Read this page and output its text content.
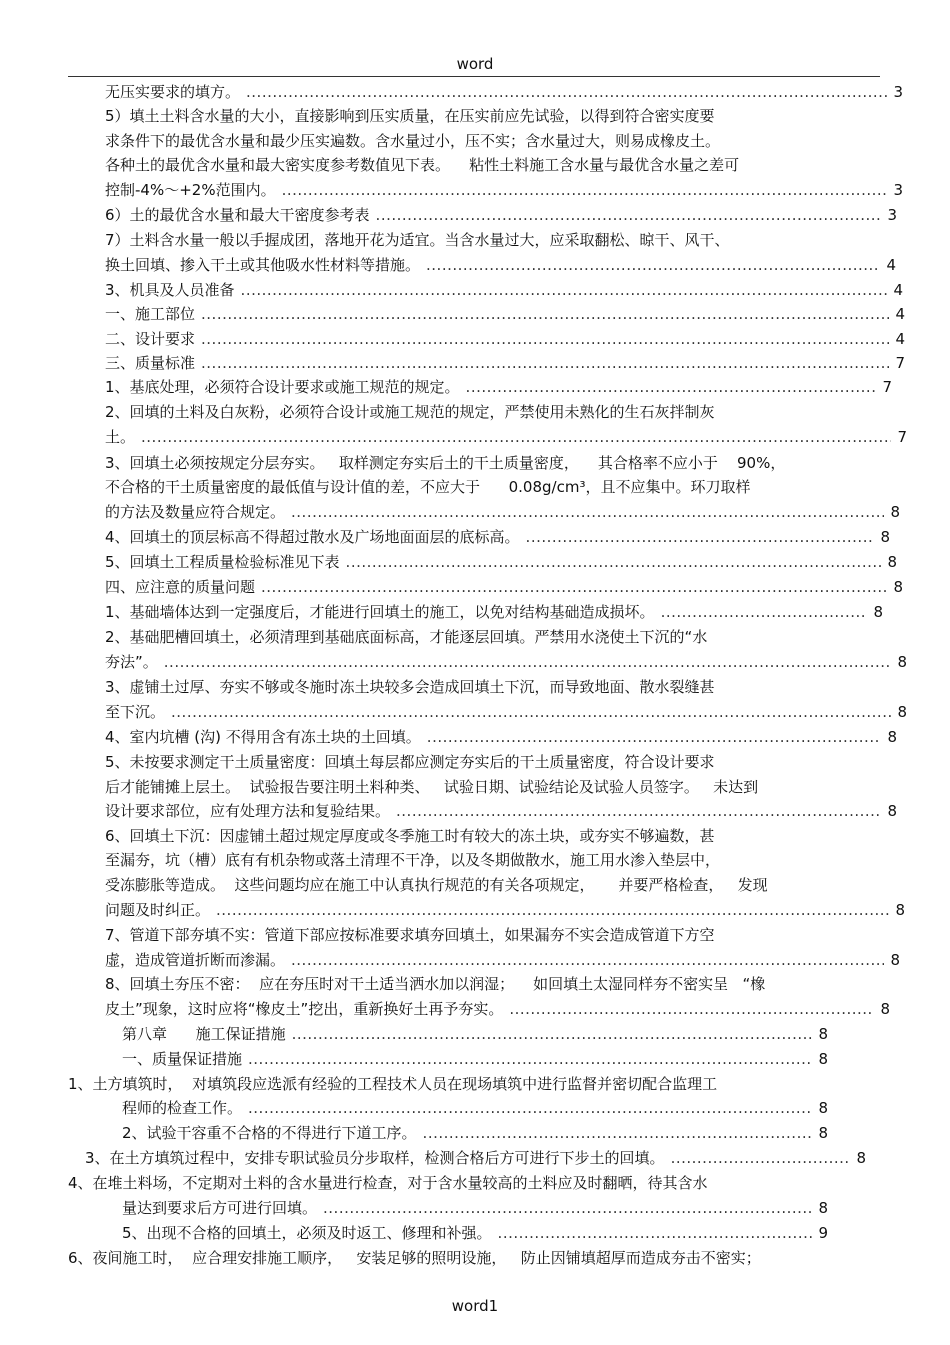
word
无压实要求的填方。 .....	3
5）填土土料含水量的大小，直接影响到压实质量，在压实前应先试验，以得到符合密实度要
求条件下的最优含水量和最少压实遍数。含水量过小，压不实；含水量过大，则易成橡皮土。
各种土的最优含水量和最大密实度参考数值见下表。    粘性土料施工含水量与最优含水量之差可
控制-4%～+2%范围内。 .....	3
6）土的最优含水量和最大干密度参考表 .....	3
7）土料含水量一般以手握成团，落地开花为适宜。当含水量过大，应采取翻松、晾干、风干、
换土回填、掺入干土或其他吸水性材料等措施。 .....	4
3、机具及人员准备 .....	4
一、施工部位 .....	4
二、设计要求 .....	4
三、质量标准 .....	7
1、基底处理，必须符合设计要求或施工规范的规定。 .....	7
2、回填的土料及白灰粉，必须符合设计或施工规范的规定，严禁使用未熟化的生石灰拌制灰
土。 .....	7
3、回填土必须按规定分层夯实。   取样测定夯实后土的干土质量密度，    其合格率不应小于    90%，
不合格的干土质量密度的最低值与设计值的差，不应大于      0.08g/cm³，且不应集中。环刀取样
的方法及数量应符合规定。 .....	8
4、回填土的顶层标高不得超过散水及广场地面面层的底标高。 .....	8
5、回填土工程质量检验标准见下表 .....	8
四、应注意的质量问题 .....	8
1、基础墙体达到一定强度后，才能进行回填土的施工，以免对结构基础造成损坏。 .....	8
2、基础肥槽回填土，必须清理到基础底面标高，才能逐层回填。严禁用水浇使土下沉的“水
夯法”。 .....	8
3、虚铺土过厚、夯实不够或冬施时冻土块较多会造成回填土下沉，而导致地面、散水裂缝甚
至下沉。 .....	8
4、室内坑槽 (沟) 不得用含有冻土块的土回填。 .....	8
5、未按要求测定干土质量密度：回填土每层都应测定夯实后的干土质量密度，符合设计要求
后才能铺摊上层土。  试验报告要注明土料种类、   试验日期、试验结论及试验人员签字。   未达到
设计要求部位，应有处理方法和复验结果。 .....	8
6、回填土下沉：因虚铺土超过规定厚度或冬季施工时有较大的冻土块，或夯实不够遍数，甚
至漏夯，坑（槽）底有有机杂物或落土清理不干净，以及冬期做散水，施工用水渗入垫层中，
受冻膨胀等造成。  这些问题均应在施工中认真执行规范的有关各项规定，     并要严格检查，   发现
问题及时纠正。 .....	8
7、管道下部夯填不实：管道下部应按标准要求填夯回填土，如果漏夯不实会造成管道下方空
虚，造成管道折断而渗漏。 .....	8
8、回填土夯压不密：  应在夯压时对干土适当洒水加以润湿；    如回填土太湿同样夯不密实呈   “橡
皮土”现象，这时应将“橡皮土”挖出，重新换好土再予夯实。 .....	8
第八章      施工保证措施 .....	8
一、质量保证措施 .....	8
1、土方填筑时，  对填筑段应选派有经验的工程技术人员在现场填筑中进行监督并密切配合监理工
程师的检查工作。 .....	8
2、试验干容重不合格的不得进行下道工序。 .....	8
3、在土方填筑过程中，安排专职试验员分步取样，检测合格后方可进行下步土的回填。 .....	8
4、在堆土料场，不定期对土料的含水量进行检查，对于含水量较高的土料应及时翻晒，待其含水
量达到要求后方可进行回填。 .....	8
5、出现不合格的回填土，必须及时返工、修理和补强。 .....	9
6、夜间施工时，  应合理安排施工顺序，   安装足够的照明设施，   防止因铺填超厚而造成夯击不密实；
word1
